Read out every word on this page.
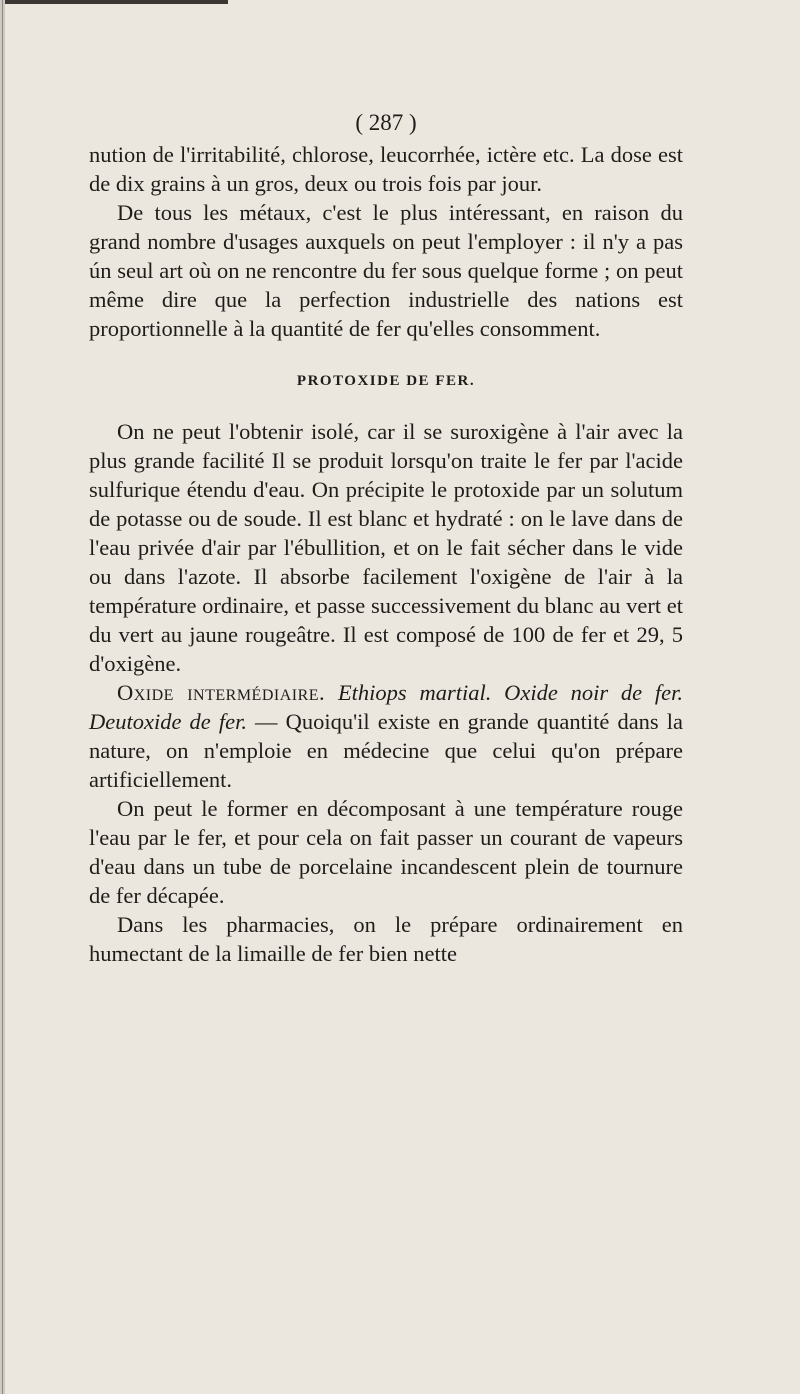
( 287 )

nution de l'irritabilité, chlorose, leucorrhée, ictère etc. La dose est de dix grains à un gros, deux ou trois fois par jour.

De tous les métaux, c'est le plus intéressant, en raison du grand nombre d'usages auxquels on peut l'employer : il n'y a pas ún seul art où on ne rencontre du fer sous quelque forme ; on peut même dire que la perfection industrielle des nations est proportionnelle à la quantité de fer qu'elles consomment.

PROTOXIDE DE FER.

On ne peut l'obtenir isolé, car il se suroxigène à l'air avec la plus grande facilité Il se produit lorsqu'on traite le fer par l'acide sulfurique étendu d'eau. On précipite le protoxide par un solutum de potasse ou de soude. Il est blanc et hydraté : on le lave dans de l'eau privée d'air par l'ébullition, et on le fait sécher dans le vide ou dans l'azote. Il absorbe facilement l'oxigène de l'air à la température ordinaire, et passe successivement du blanc au vert et du vert au jaune rougeâtre. Il est composé de 100 de fer et 29, 5 d'oxigène.

Oxide intermédiaire. Ethiops martial. Oxide noir de fer. Deutoxide de fer. — Quoiqu'il existe en grande quantité dans la nature, on n'emploie en médecine que celui qu'on prépare artificiellement.

On peut le former en décomposant à une température rouge l'eau par le fer, et pour cela on fait passer un courant de vapeurs d'eau dans un tube de porcelaine incandescent plein de tournure de fer décapée.

Dans les pharmacies, on le prépare ordinairement en humectant de la limaille de fer bien nette
